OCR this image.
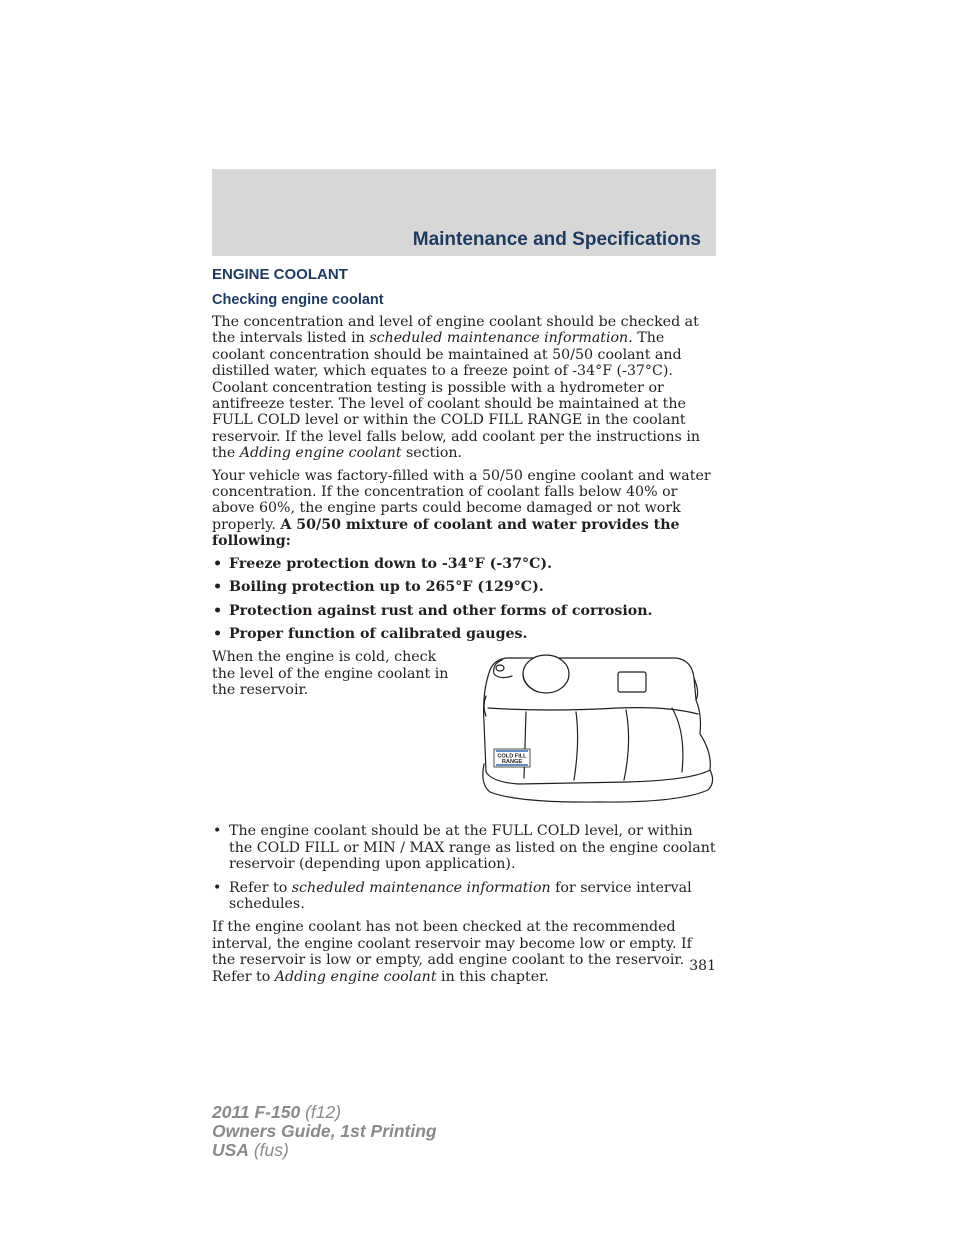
Maintenance and Specifications
ENGINE COOLANT
Checking engine coolant

The concentration and level of engine coolant should be checked at the intervals listed in scheduled maintenance information. The coolant concentration should be maintained at 50/50 coolant and distilled water, which equates to a freeze point of -34°F (-37°C). Coolant concentration testing is possible with a hydrometer or antifreeze tester. The level of coolant should be maintained at the FULL COLD level or within the COLD FILL RANGE in the coolant reservoir. If the level falls below, add coolant per the instructions in the Adding engine coolant section.

Your vehicle was factory-filled with a 50/50 engine coolant and water concentration. If the concentration of coolant falls below 40% or above 60%, the engine parts could become damaged or not work properly. A 50/50 mixture of coolant and water provides the following:

• Freeze protection down to -34°F (-37°C).
• Boiling protection up to 265°F (129°C).
• Protection against rust and other forms of corrosion.
• Proper function of calibrated gauges.

When the engine is cold, check the level of the engine coolant in the reservoir.

COLD FILL
RANGE
• The engine coolant should be at the FULL COLD level, or within the COLD FILL or MIN / MAX range as listed on the engine coolant reservoir (depending upon application).
• Refer to scheduled maintenance information for service interval schedules.

If the engine coolant has not been checked at the recommended interval, the engine coolant reservoir may become low or empty. If the reservoir is low or empty, add engine coolant to the reservoir. Refer to Adding engine coolant in this chapter.

381
2011 F-150 (f12)
Owners Guide, 1st Printing
USA (fus)
